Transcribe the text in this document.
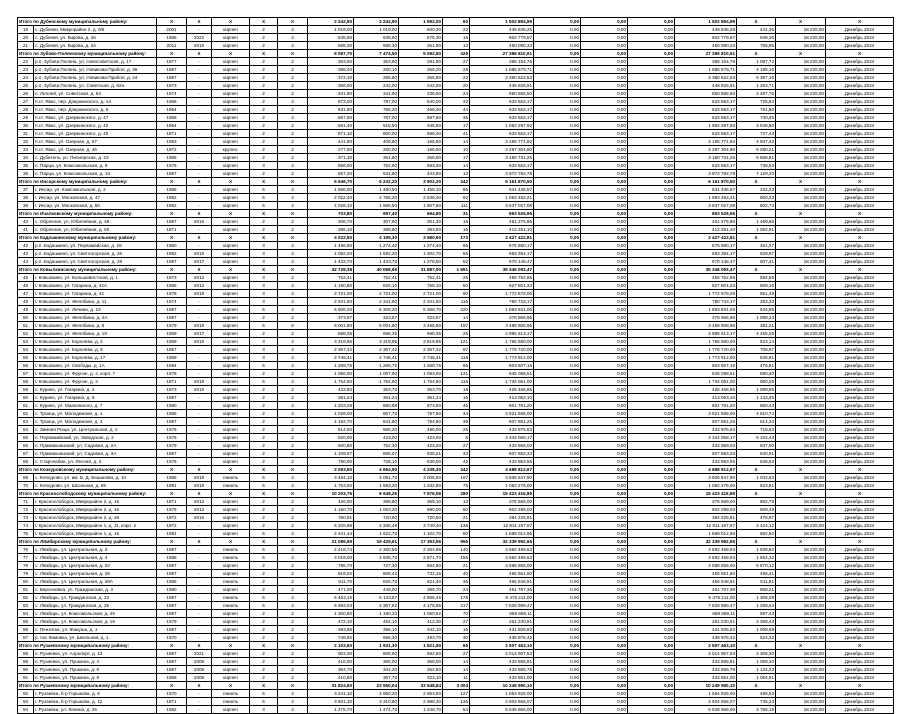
Итого по Дубенскому муниципальному району:		X	X	X	X	X	2 242,90	2 242,90	1 592,00	60	1 502 894,99	0,00	0,00	0,00	1 502 894,99	X	X	X
19	с. Дубенки, Микрорайон 2, д. 6/8	2001	-	кирпич	2	3	1 019,00	1 019,00	600,30	22	449 845,25	0,00	0,00	0,00	449 845,25	441,35	18 225,00	Декабрь 2024
20	с. Дубенки, ул. Кирова, д. 26	1986	2022	кирпич	2	3	635,60	635,60	575,30	15	602 779,57	0,00	0,00	0,00	602 779,57	948,36	18 225,00	Декабрь 2024
21	с. Дубенки, ул. Кирова, д. 24	2011	2019	кирпич	2	3	588,30	588,30	251,90	13	450 090,33	0,00	0,00	0,00	450 090,33	765,95	18 225,00	Декабрь 2024
Итого по Зубово-Полянскому муниципальному району:		X	X	X	X	X	9 097,70	7 474,50	5 082,60	429	27 396 810,61	0,00	0,00	0,00	27 396 810,61	X	X	X
22	р.п. Зубова Поляна, ул. Новосоветская, д. 17	1977	-	кирпич	2	2	353,60	353,60	281,90	27	388 154,76	0,00	0,00	0,00	388 154,76	1 097,72	18 225,00	Декабрь 2024
23	р.п. Зубова Поляна, ул. Новикова-Прибоя, д. 36	1967	-	кирпич	2	2	368,40	250,10	256,20	28	1 585 679,71	0,00	0,00	0,00	1 585 679,71	4 195,16	18 225,00	Декабрь 2024
24	р.п. Зубова Поляна, ул. Новикова-Прибоя, д. 34	1967	-	кирпич	2	2	372,10	255,80	255,80	22	2 380 622,53	0,00	0,00	0,00	2 380 622,53	6 397,16	18 225,00	Декабрь 2024
25	р.п. Зубова Поляна, ул. Советская, д. 62а	1973	-	кирпич	2	2	358,00	242,00	242,00	20	448 826,91	0,00	0,00	0,00	448 826,91	1 253,71	18 225,00	Декабрь 2024
26	п. Леплей, ул. Советская, д. 64	1974	-	кирпич	2	2	341,90	341,90	236,50	24	850 565,50	0,00	0,00	0,00	850 565,50	2 487,76	18 225,00	Декабрь 2024
27	п.ст. Явас, пер. Дзержинского, д. 14	1966	-	кирпич	2	3	873,00	797,00	540,00	32	633 663,17	0,00	0,00	0,00	633 663,17	725,84	18 225,00	Декабрь 2024
28	п.ст. Явас, пер. Дзержинского, д. 5	1964	-	кирпич	2	2	831,80	758,20	466,40	44	633 663,17	0,00	0,00	0,00	633 663,17	761,80	18 225,00	Декабрь 2024
29	п.ст. Явас, ул. Дзержинского, д. 47	1968	-	кирпич	2	3	867,50	767,00	587,60	35	633 663,17	0,00	0,00	0,00	633 663,17	730,45	18 225,00	Декабрь 2024
30	п.ст. Явас, ул. Дзержинского, д. 42	1964	-	кирпич	2	2	561,40	515,50	345,60	17	1 992 297,92	0,00	0,00	0,00	1 992 297,92	3 548,80	18 225,00	Декабрь 2024
31	п.ст. Явас, ул. Дзержинского, д. 40	1971	-	кирпич	2	2	871,10	800,00	586,40	41	633 663,17	0,00	0,00	0,00	633 663,17	727,44	18 225,00	Декабрь 2024
32	п.ст. Явас, ул. Озерная, д. 57	1963	-	кирпич	2	2	441,80	409,80	166,80	14	2 185 771,92	0,00	0,00	0,00	2 185 771,92	4 947,42	18 225,00	Декабрь 2024
33	п.ст. Явас, ул. Озерная, д. 45	1972	-	крупно.	2	2	277,50	250,00	166,50	10	2 297 304,80	0,00	0,00	0,00	2 297 304,80	8 280,21	18 225,00	Декабрь 2024
34	с. Дубитель, ул. Пионерская, д. 23	1965	-	кирпич	2	2	371,30	351,80	258,90	17	3 180 731,25	0,00	0,00	0,00	3 180 731,25	8 568,81	18 225,00	Декабрь 2024
35	п. Парца, ул. Комсомольская, д. 9	1976	-	кирпич	3	3	858,00	762,60	683,40	14	633 663,17	0,00	0,00	0,00	633 663,17	738,53	18 225,00	Декабрь 2024
36	п. Парца, ул. Комсомольская, д. 13	1967	-	кирпич	2	2	557,20	531,80	443,80	13	3 972 792,78	0,00	0,00	0,00	3 972 792,78	7 129,20	18 225,00	Декабрь 2024
Итого по Инсарскому муниципальному району:		X	X	X	X	X	5 646,70	5 232,20	3 902,30	242	6 161 870,50	0,00	0,00	0,00	6 161 870,50	X	X	X
37	г. Инсар, ул. Комсомольская, д. 2	1985	-	кирпич	5	3	1 596,00	1 460,50	1 458,10	86	531 436,57	0,00	0,00	0,00	531 436,57	332,23	18 225,00	Декабрь 2024
38	г. Инсар, ул. Московская, д. 47	1992	-	кирпич	5	4	2 022,40	2 765,20	2 636,40	92	1 993 482,21	0,00	0,00	0,00	1 993 482,21	660,23	18 225,00	Декабрь 2024
39	г. Инсар, ул. Московская, д. 50	1992	-	кирпич	5	4	4 028,10	1 986,50	1 807,80	111	3 637 027,08	0,00	0,00	0,00	3 637 027,08	902,73	18 225,00	Декабрь 2024
Итого по Ичалковскому муниципальному району:		X	X	X	X	X	703,80	697,40	694,80	31	863 526,96	0,00	0,00	0,00	863 526,96	X	X	X
40	с. Оброчное, ул. Юбилейная, д. 48	1967	2016	кирпич	2	2	308,70	307,60	301,30	15	451 275,86	0,00	0,00	0,00	451 275,86	1 469,66	18 225,00	Декабрь 2024
41	с. Оброчное, ул. Юбилейная, д. 50	1971	-	кирпич	2	2	395,10	389,80	393,50	16	412 251,10	0,00	0,00	0,00	412 251,10	1 052,91	18 225,00	Декабрь 2024
Итого по Кадошкинскому муниципальному району:		X	X	X	X	X	4 022,50	4 199,30	3 580,90	173	2 427 422,81	0,00	0,00	0,00	2 427 422,81	X	X	X
42	р.п. Кадошкино, ул. Первомайская, д. 29	1960	-	кирпич	3	3	1 496,60	1 274,40	1 274,40	65	675 880,17	0,00	0,00	0,00	675 880,17	451,27	18 225,00	Декабрь 2024
43	р.п. Кадошкино, ул. Светлогорская, д. 26	1992	2019	кирпич	3	3	1 092,20	1 592,20	1 302,70	55	683 394,17	0,00	0,00	0,00	683 394,17	629,97	18 225,00	Декабрь 2024
44	р.п. Кадошкино, ул. Светлогорская, д. 28	1987	2017	кирпич	3	3	1 433,70	1 433,70	1 278,50	52	670 148,47	0,00	0,00	0,00	670 148,47	607,41	18 225,00	Декабрь 2024
Итого по Ковылкинскому муниципальному району:		X	X	X	X	X	42 728,38	40 068,66	31 887,00	1 651	35 346 093,47	0,00	0,00	0,00	35 346 093,47	X	X	X
45	г. Ковылкино, ул. Большевистская, д. 1	1973	2013	кирпич	3	2	752,41	752,41	752,41	26	455 752,85	0,00	0,00	0,00	455 752,85	594,56	18 225,00	Декабрь 2024
46	г. Ковылкино, ул. Гагарина, д. 42А	1985	2013	кирпич	3	3	1 190,80	825,10	768,10	50	627 801,33	0,00	0,00	0,00	627 801,33	509,16	18 225,00	Декабрь 2024
47	г. Ковылкино, ул. Гагарина, д. 42	1978	2018	кирпич	3	3	2 721,00	2 721,00	2 721,00	90	1 772 678,06	0,00	0,00	0,00	1 772 678,06	651,49	18 225,00	Декабрь 2024
48	г. Ковылкино, ул. Желябина, д. 11	1974	-	кирпич	3	3	2 341,60	2 341,60	2 341,60	116	780 733,17	0,00	0,00	0,00	780 733,17	283,33	18 225,00	Декабрь 2024
49	г. Ковылкино, ул. Ленина, д. 18	1987	-	кирпич	5	4	5 908,20	5 308,20	5 368,70	220	1 893 831,06	0,00	0,00	0,00	1 893 831,06	634,85	18 225,00	Декабрь 2024
50	г. Ковылкино, ул. Желябина, д. 2А	1987	-	кирпич	2	2	373,57	323,57	323,57	14	378 966,96	0,00	0,00	0,00	378 966,96	1 098,24	18 225,00	Декабрь 2024
51	г. Ковылкино, ул. Желябина, д. 8	1979	2018	кирпич	5	8	5 001,80	5 001,80	3 496,80	197	3 489 908,96	0,00	0,00	0,00	3 489 908,96	381,21	18 225,00	Декабрь 2024
52	г. Ковылкино, ул. Желябина, д. 18	1959	2017	кирпич	2	2	698,35	698,35	698,35	26	2 995 613,17	0,00	0,00	0,00	2 995 613,17	4 455,25	18 225,00	Декабрь 2024
53	г. Ковылкино, ул. Королева, д. 2	1969	2019	кирпич	3	4	3 319,95	3 319,95	2 819,95	121	1 756 660,00	0,00	0,00	0,00	1 756 660,00	523,14	18 225,00	Декабрь 2024
54	г. Ковылкино, ул. Королева, д. 9	1957	-	кирпич	3	4	2 357,42	2 357,42	2 357,42	97	1 776 720,00	0,00	0,00	0,00	1 776 720,00	708,97	18 225,00	Декабрь 2024
55	г. Ковылкино, ул. Королева, д. 17	1969	-	кирпич	3	3	2 746,41	2 746,41	2 746,41	118	1 773 912,00	0,00	0,00	0,00	1 773 912,00	645,61	18 225,00	Декабрь 2024
56	г. Ковылкино, ул. Свободы, д. 1А	1994	-	кирпич	5	3	1 269,75	1 269,75	1 269,75	65	603 607,15	0,00	0,00	0,00	603 607,15	476,81	18 225,00	Декабрь 2024
57	г. Ковылкино, ул. Фрунзе, д. 2, корп. 7	1978	-	кирпич	2	2	1 086,00	1 007,90	1 083,00	131	645 098,51	0,00	0,00	0,00	645 098,51	590,40	18 225,00	Декабрь 2024
58	г. Ковылкино, ул. Фрунзе, д. 3	1971	2018	кирпич	5	3	1 754,60	1 754,60	1 754,60	115	1 734 061,00	0,00	0,00	0,00	1 734 061,00	960,25	18 225,00	Декабрь 2024
59	с. Курино, ул. Гагарина, д. 2	1973	2019	кирпич	2	2	433,80	363,70	353,70	18	425 466,85	0,00	0,00	0,00	425 466,85	1 089,85	18 225,00	Декабрь 2024
60	с. Курино, ул. Гагарина, д. 8	1987	-	кирпич	2	2	361,24	361,24	361,24	16	413 063,10	0,00	0,00	0,00	413 063,10	1 143,45	18 225,00	Декабрь 2024
61	с. Курино, ул. Маяковского, д. 7	1980	-	кирпич	2	3	1 203,28	860,98	673,50	46	601 761,20	0,00	0,00	0,00	601 761,20	560,43	18 225,00	Декабрь 2024
62	с. Троицк, ул. Молодежная, д. 1	1985	-	кирпич	2	3	1 029,00	857,70	797,50	34	3 921 586,00	0,00	0,00	0,00	3 921 586,00	4 810,74	18 225,00	Декабрь 2024
63	с. Троицк, ул. Молодежная, д. 3	1987	-	кирпич	2	2	1 182,70	841,80	794,60	39	607 861,25	0,00	0,00	0,00	607 861,25	514,34	18 225,00	Декабрь 2024
64	с. Зимняя Роща, ул. Центральная, д. 2	1976	-	кирпич	2	2	614,50	585,20	485,00	26	433 975,63	0,00	0,00	0,00	433 975,63	718,83	18 225,00	Декабрь 2024
65	п. Первомайский, ул. Заводская, д. 2	1976	-	кирпич	2	2	520,00	423,00	423,00	6	4 344 068,17	0,00	0,00	0,00	4 344 068,17	8 102,44	18 225,00	Декабрь 2024
66	п. Примокшанский, ул. Садовая, д. 2А	1979	-	кирпич	2	2	500,80	752,30	423,20	27	433 959,03	0,00	0,00	0,00	433 959,03	537,00	18 225,00	Декабрь 2024
67	п. Примокшанский, ул. Садовая, д. 3А	1967	-	кирпич	2	2	1 109,97	855,07	835,21	33	607 883,33	0,00	0,00	0,00	607 883,33	540,91	18 225,00	Декабрь 2024
68	с. Старочабин, ул. Лесная, д. 3	1976	-	кирпич	2	2	790,00	728,10	639,00	42	433 963,55	0,00	0,00	0,00	433 963,55	546,63	18 225,00	Декабрь 2024
Итого по Кочкуровскому муниципальному району:		X	X	X	X	X	3 093,90	4 664,90	4 338,30	242	4 688 812,67	0,00	0,00	0,00	4 688 812,67	X	X	X
69	с. Кочкурово, ул. им. Б. Д. Бешанова, д. 10	1985	2018	панель	5	3	3 454,10	3 081,70	3 005,50	167	3 606 647,90	0,00	0,00	0,00	3 606 647,90	1 042,83	18 225,00	Декабрь 2024
70	с. Кочкурово, ул. Школьная, д. 69	1991	2018	панель	5	3	1 753,50	1 583,20	1 332,80	75	1 082 276,00	0,00	0,00	0,00	1 082 276,00	623,81	18 225,00	Декабрь 2024
Итого по Краснослободскому муниципальному району:		X	X	X	X	X	10 203,76	8 649,26	7 976,09	280	15 423 416,89	0,00	0,00	0,00	15 423 416,89	X	X	X
71	г. Краснослободск, Микрорайон 2, д. 15	1971	2013	кирпич	2	2	426,00	399,80	369,10	13	376 669,00	0,00	0,00	0,00	376 669,00	882,79	18 225,00	Декабрь 2024
72	г. Краснослободск, Микрорайон 2, д. 16	1975	2013	кирпич	2	2	1 160,70	1 063,20	980,00	60	602 299,03	0,00	0,00	0,00	602 299,03	509,49	18 225,00	Декабрь 2024
73	г. Краснослободск, Микрорайон 2, д. 28	1972	2016	кирпич	2	2	760,91	720,60	720,60	21	384 225,81	0,00	0,00	0,00	384 225,81	478,97	18 225,00	Декабрь 2024
74	г. Краснослободск, Микрорайон 1, д. 11, корп. 2	1972	-	кирпич	2	2	5 325,98	4 345,49	3 749,40	138	12 811 157,67	0,00	0,00	0,00	12 811 157,67	2 424,12	18 225,00	Декабрь 2024
75	г. Краснослободск, Микрорайон 1, д. 15	1981	-	кирпич	5	3	2 441,44	1 622,70	1 102,70	80	1 689 012,96	0,00	0,00	0,00	1 689 012,96	982,92	18 225,00	Декабрь 2024
Итого по Лямбирскому муниципальному району:		X	X	X	X	X	21 086,69	19 425,61	17 353,56	956	32 339 992,65	0,00	0,00	0,00	32 339 992,65	X	X	X
76	с. Лямбирь, ул. Центральная, д. 3	1987	-	панель	5	3	2 418,74	2 350,56	2 254,98	140	4 692 499,53	0,00	0,00	0,00	4 692 499,53	1 939,82	18 225,00	Декабрь 2024
77	с. Лямбирь, ул. Центральная, д. 4	1988	-	панель	5	3	3 019,00	2 935,70	2 671,70	155	4 692 499,53	0,00	0,00	0,00	4 692 499,53	1 554,32	18 225,00	Декабрь 2024
78	с. Лямбирь, ул. Центральная, д. 22	1987	-	кирпич	2	2	785,70	727,30	654,80	21	4 598 855,00	0,00	0,00	0,00	4 598 855,00	5 870,12	18 225,00	Декабрь 2024
79	с. Лямбирь, ул. Центральная, д. 28	1987	-	кирпич	2	2	919,02	806,43	732,16	40	456 661,80	0,00	0,00	0,00	456 661,80	496,41	18 225,00	Декабрь 2024
80	с. Лямбирь, ул. Центральная, д. 29А	1985	-	панель	2	2	911,70	826,70	621,40	36	466 648,91	0,00	0,00	0,00	466 648,91	511,81	18 225,00	Декабрь 2024
81	с. Берсеневка, ул. Гражданская, д. 3	1980	-	кирпич	2	2	471,00	446,00	389,70	24	451 767,36	0,00	0,00	0,00	451 767,36	958,21	18 225,00	Декабрь 2024
82	с. Лямбирь, ул. Гражданская, д. 23	1987	-	панель	5	3	5 453,15	5 133,57	4 866,45	178	5 476 211,00	0,00	0,00	0,00	5 476 211,00	1 306,09	18 225,00	Декабрь 2024
83	с. Лямбирь, ул. Гражданская, д. 25	1987	-	панель	5	3	5 993,03	4 357,82	4 178,85	217	7 629 989,47	0,00	0,00	0,00	7 629 989,47	1 258,64	18 225,00	Декабрь 2024
84	с. Лямбирь, ул. Комсомольская, д. 25	1987	-	кирпич	2	2	1 300,60	1 180,33	1 050,62	70	689 869,11	0,00	0,00	0,00	689 869,11	597,43	18 225,00	Декабрь 2024
85	с. Лямбирь, ул. Комсомольская, д. 16	1979	-	кирпич	2	2	472,10	454,10	412,30	27	261 230,91	0,00	0,00	0,00	261 230,91	2 358,44	18 225,00	Декабрь 2024
86	с. Пензятка, ул. Жакуша, д. 1	1987	-	кирпич	2	2	393,88	396,10	342,10	16	431 505,82	0,00	0,00	0,00	431 505,82	1 008,69	18 225,00	Декабрь 2024
87	р. пос Кимовка, ул. Школьная, д. 1	1970	-	кирпич	2	2	748,92	656,30	493,70	30	438 978,42	0,00	0,00	0,00	438 978,42	524,22	18 225,00	Декабрь 2024
Итого по Рузаевскому муниципальному району:		X	X	X	X	X	2 103,60	1 931,30	1 521,90	66	2 507 463,10	0,00	0,00	0,00	2 507 463,10	X	X	X
88	п. Рузаевка, ул. Аэропорт, д. 13	1967	2021	кирпич	2	2	903,30	808,60	682,60	27	2 014 907,53	0,00	0,00	0,00	2 014 907,53	2 306,30	18 225,00	Декабрь 2024
89	п. Рузаевка, ул. Пушкина, д. 4	1967	2008	кирпич	2	2	415,00	365,00	368,00	14	433 885,81	0,00	0,00	0,00	433 885,81	1 059,10	18 225,00	Декабрь 2024
90	п. Рузаевка, ул. Пушкина, д. 6	1967	2008	кирпич	2	2	364,70	344,20	262,50	14	433 865,78	0,00	0,00	0,00	433 865,78	1 134,23	18 225,00	Декабрь 2024
91	п. Рузаевка, ул. Пушкина, д. 8	1968	2008	кирпич	2	2	410,60	357,70	323,10	11	433 851,00	0,00	0,00	0,00	433 851,00	1 064,51	18 225,00	Декабрь 2024
Итого по Рузаевскому муниципальному району:		X	X	X	X	X	31 824,60	23 550,04	33 548,84	3 004	10 249 960,10	0,00	0,00	0,00	10 249 960,10	X	X	X
92	г. Рузаевка, б-р Горшкова, д. 6	1970	-	панель	5	4	3 241,10	2 950,20	2 953,50	127	1 664 925,00	0,00	0,00	0,00	1 664 925,00	498,53	18 225,00	Декабрь 2024
93	г. Рузаевка, б-р Горшкова, д. 12	1971	-	панель	5	4	3 501,30	3 310,80	2 988,40	136	2 604 656,07	0,00	0,00	0,00	2 604 656,07	745,24	18 225,00	Декабрь 2024
94	г. Рузаевка, ул. Ленина, д. 25	1962	-	кирпич	3	3	1 475,70	1 474,70	1 248,70	54	5 549 966,00	0,00	0,00	0,00	5 549 966,00	3 756,15	18 225,00	Декабрь 2024
